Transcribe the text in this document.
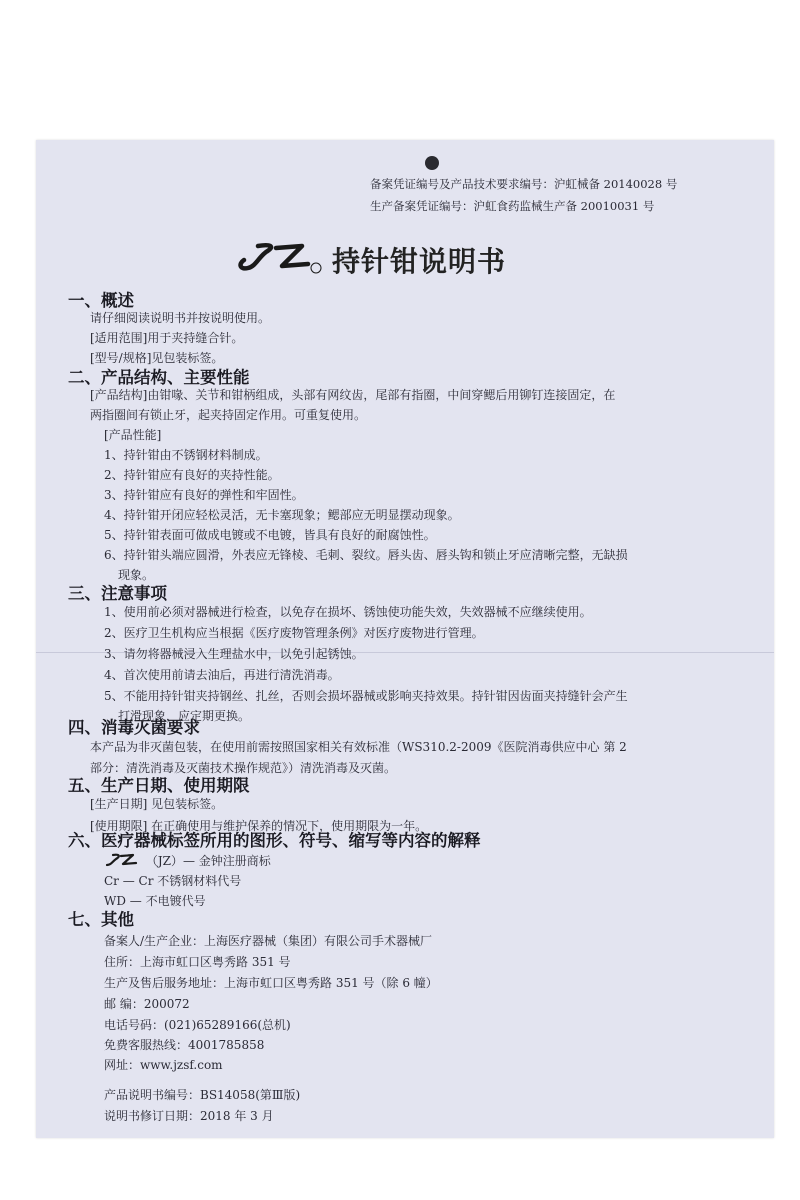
备案凭证编号及产品技术要求编号：沪虹械备 20140028 号
生产备案凭证编号：沪虹食药监械生产备 20010031 号
持针钳说明书
一、概述
请仔细阅读说明书并按说明使用。
[适用范围]用于夹持缝合针。
[型号/规格]见包装标签。
二、产品结构、主要性能
[产品结构]由钳喙、关节和钳柄组成，头部有网纹齿，尾部有指圈，中间穿鳃后用铆钉连接固定，在
两指圈间有锁止牙，起夹持固定作用。可重复使用。
[产品性能]
1、持针钳由不锈钢材料制成。
2、持针钳应有良好的夹持性能。
3、持针钳应有良好的弹性和牢固性。
4、持针钳开闭应轻松灵活，无卡塞现象；鳃部应无明显摆动现象。
5、持针钳表面可做成电镀或不电镀，皆具有良好的耐腐蚀性。
6、持针钳头端应圆滑，外表应无锋棱、毛刺、裂纹。唇头齿、唇头钩和锁止牙应清晰完整，无缺损
现象。
三、注意事项
1、使用前必须对器械进行检查，以免存在损坏、锈蚀使功能失效，失效器械不应继续使用。
2、医疗卫生机构应当根据《医疗废物管理条例》对医疗废物进行管理。
3、请勿将器械浸入生理盐水中，以免引起锈蚀。
4、首次使用前请去油后，再进行清洗消毒。
5、不能用持针钳夹持钢丝、扎丝，否则会损坏器械或影响夹持效果。持针钳因齿面夹持缝针会产生
打滑现象，应定期更换。
四、消毒灭菌要求
本产品为非灭菌包装，在使用前需按照国家相关有效标准（WS310.2-2009《医院消毒供应中心 第 2
部分：清洗消毒及灭菌技术操作规范》）清洗消毒及灭菌。
五、生产日期、使用期限
[生产日期] 见包装标签。
[使用期限] 在正确使用与维护保养的情况下，使用期限为一年。
六、医疗器械标签所用的图形、符号、缩写等内容的解释
（JZ）— 金钟注册商标
Cr — Cr 不锈钢材料代号
WD — 不电镀代号
七、其他
备案人/生产企业：上海医疗器械（集团）有限公司手术器械厂
住所：上海市虹口区粤秀路 351 号
生产及售后服务地址：上海市虹口区粤秀路 351 号（除 6 幢）
邮 编：200072
电话号码：(021)65289166(总机)
免费客服热线：4001785858
网址：www.jzsf.com
产品说明书编号：BS14058(第Ⅲ版)
说明书修订日期：2018 年 3 月
